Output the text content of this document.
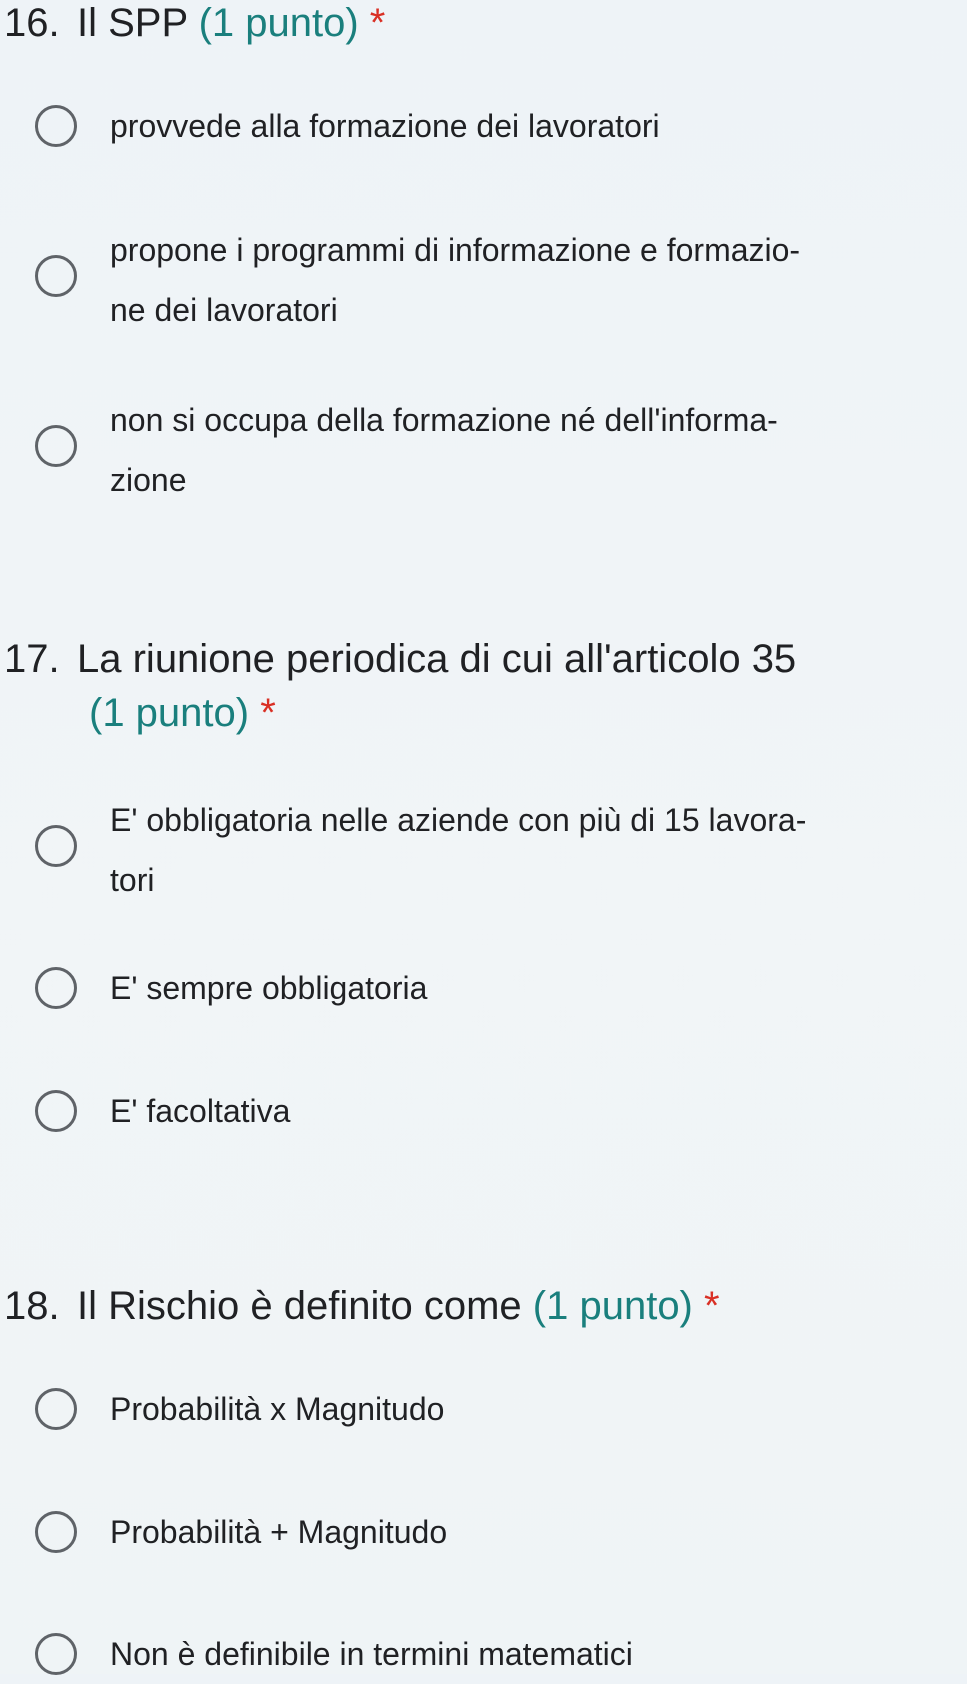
16. Il SPP (1 punto) *
provvede alla formazione dei lavoratori
propone i programmi di informazione e formazio-
ne dei lavoratori
non si occupa della formazione né dell'informa-
zione
17. La riunione periodica di cui all'articolo 35
(1 punto) *
E' obbligatoria nelle aziende con più di 15 lavora-
tori
E' sempre obbligatoria
E' facoltativa
18. Il Rischio è definito come (1 punto) *
Probabilità x Magnitudo
Probabilità + Magnitudo
Non è definibile in termini matematici
